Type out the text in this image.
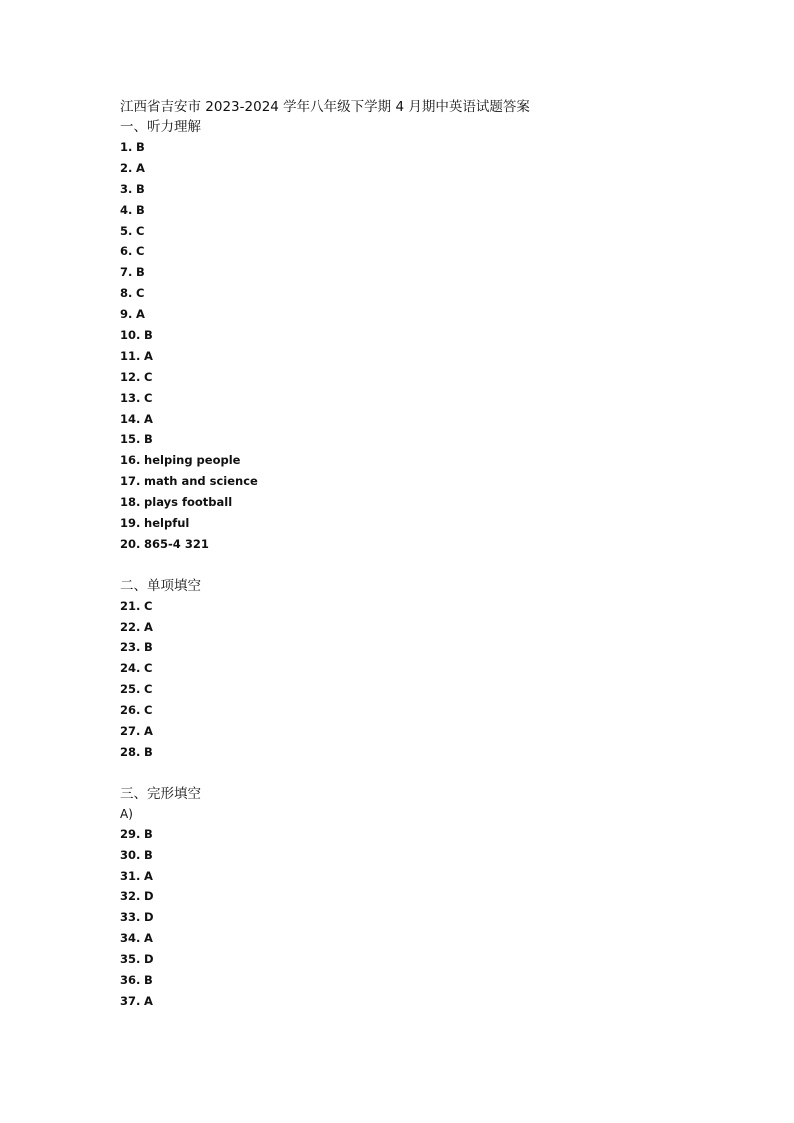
江西省吉安市 2023-2024 学年八年级下学期 4 月期中英语试题答案
一、听力理解
1. B
2. A
3. B
4. B
5. C
6. C
7. B
8. C
9. A
10. B
11. A
12. C
13. C
14. A
15. B
16. helping people
17. math and science
18. plays football
19. helpful
20. 865-4 321
二、单项填空
21. C
22. A
23. B
24. C
25. C
26. C
27. A
28. B
三、完形填空
A)
29. B
30. B
31. A
32. D
33. D
34. A
35. D
36. B
37. A
